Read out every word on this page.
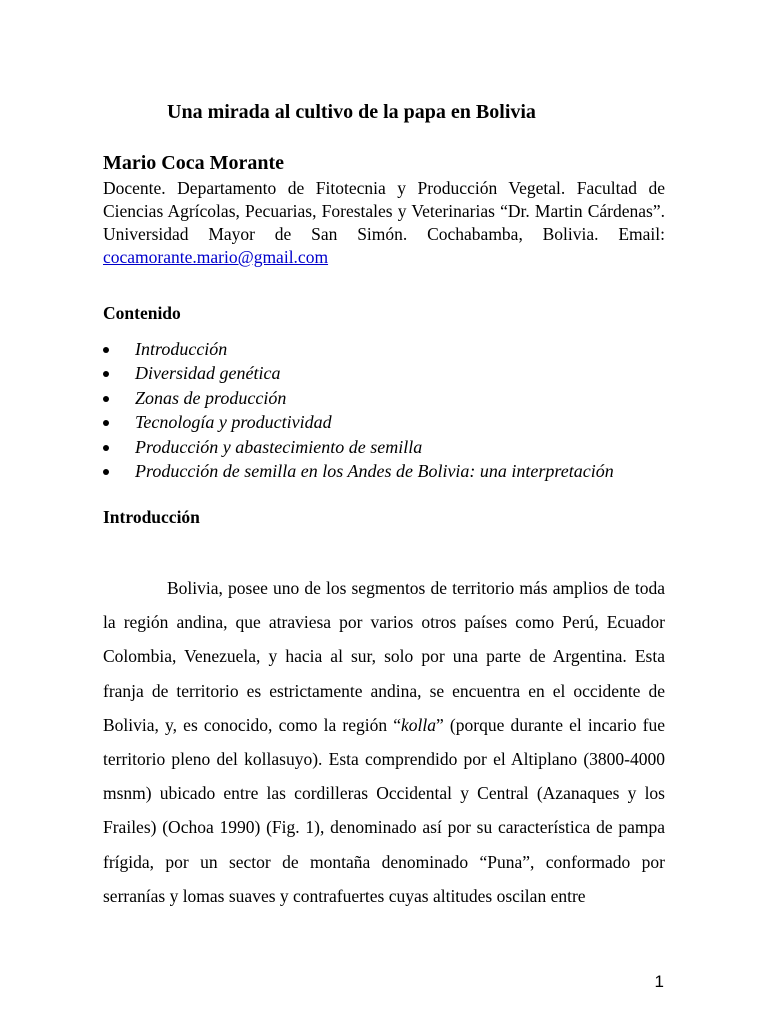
Una mirada al cultivo de la papa en Bolivia
Mario Coca Morante
Docente. Departamento de Fitotecnia y Producción Vegetal. Facultad de Ciencias Agrícolas, Pecuarias, Forestales y Veterinarias “Dr. Martin Cárdenas”. Universidad Mayor de San Simón. Cochabamba, Bolivia. Email: cocamorante.mario@gmail.com
Contenido
Introducción
Diversidad genética
Zonas de producción
Tecnología y productividad
Producción y abastecimiento de semilla
Producción de semilla en los Andes de Bolivia: una interpretación
Introducción

Bolivia, posee uno de los segmentos de territorio más amplios de toda la región andina, que atraviesa por varios otros países como Perú, Ecuador Colombia, Venezuela, y hacia al sur, solo por una parte de Argentina. Esta franja de territorio es estrictamente andina, se encuentra en el occidente de Bolivia, y, es conocido, como la región “kolla” (porque durante el incario fue territorio pleno del kollasuyo). Esta comprendido por el Altiplano (3800-4000 msnm) ubicado entre las cordilleras Occidental y Central (Azanaques y los Frailes) (Ochoa 1990) (Fig. 1), denominado así por su característica de pampa frígida, por un sector de montaña denominado “Puna”, conformado por serranías y lomas suaves y contrafuertes cuyas altitudes oscilan entre

1
